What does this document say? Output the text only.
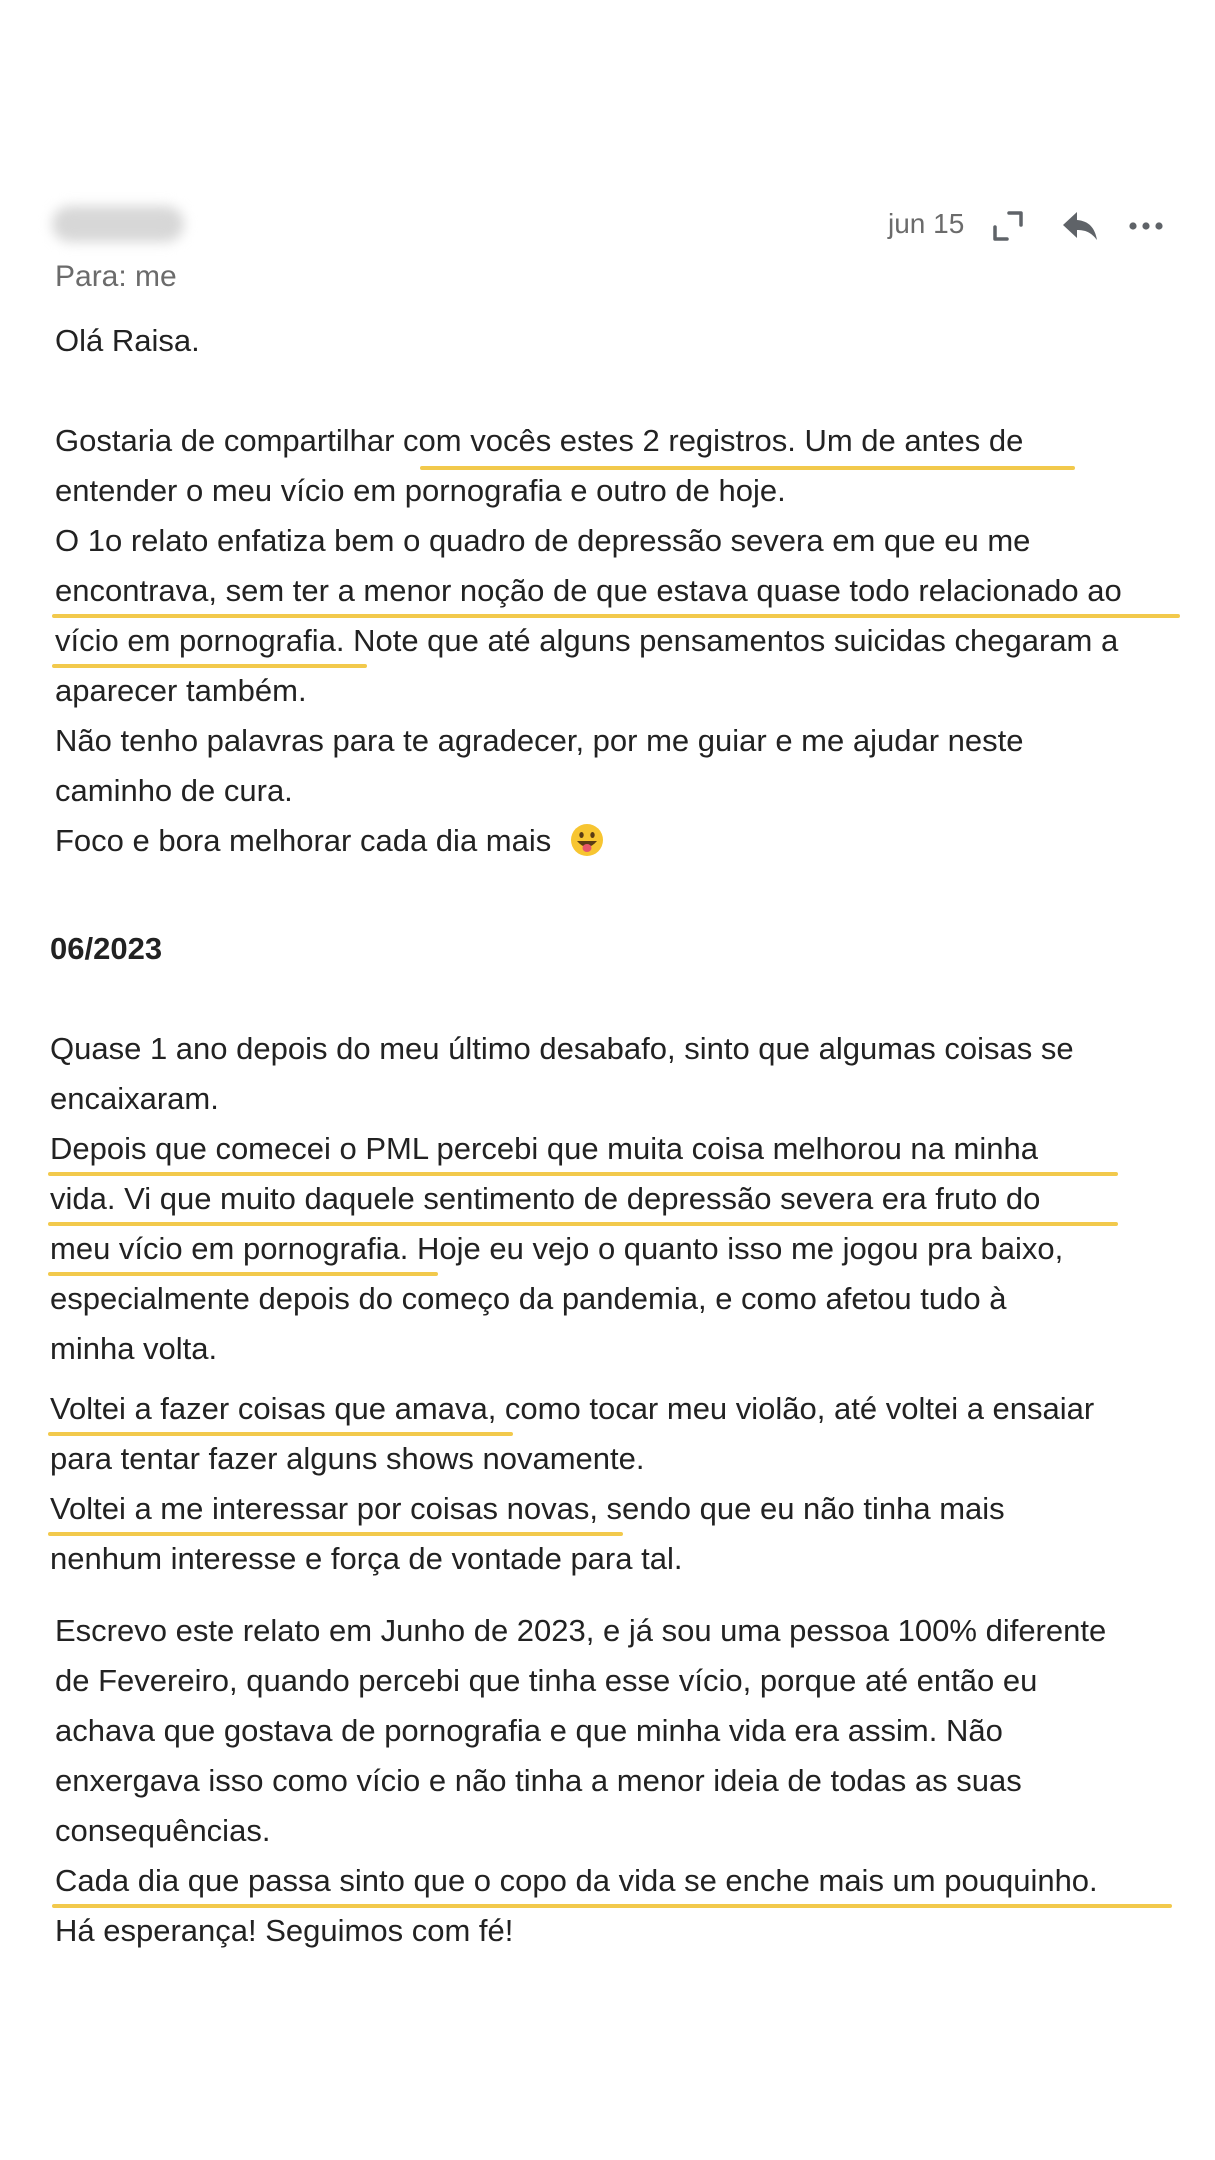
Para: me
jun 15
Olá Raisa.
Gostaria de compartilhar com vocês estes 2 registros. Um de antes de
entender o meu vício em pornografia e outro de hoje.
O 1o relato enfatiza bem o quadro de depressão severa em que eu me
encontrava, sem ter a menor noção de que estava quase todo relacionado ao
vício em pornografia. Note que até alguns pensamentos suicidas chegaram a
aparecer também.
Não tenho palavras para te agradecer, por me guiar e me ajudar neste
caminho de cura.
Foco e bora melhorar cada dia mais
06/2023
Quase 1 ano depois do meu último desabafo, sinto que algumas coisas se
encaixaram.
Depois que comecei o PML percebi que muita coisa melhorou na minha
vida. Vi que muito daquele sentimento de depressão severa era fruto do
meu vício em pornografia. Hoje eu vejo o quanto isso me jogou pra baixo,
especialmente depois do começo da pandemia, e como afetou tudo à
minha volta.
Voltei a fazer coisas que amava, como tocar meu violão, até voltei a ensaiar
para tentar fazer alguns shows novamente.
Voltei a me interessar por coisas novas, sendo que eu não tinha mais
nenhum interesse e força de vontade para tal.
Escrevo este relato em Junho de 2023, e já sou uma pessoa 100% diferente
de Fevereiro, quando percebi que tinha esse vício, porque até então eu
achava que gostava de pornografia e que minha vida era assim. Não
enxergava isso como vício e não tinha a menor ideia de todas as suas
consequências.
Cada dia que passa sinto que o copo da vida se enche mais um pouquinho.
Há esperança! Seguimos com fé!
